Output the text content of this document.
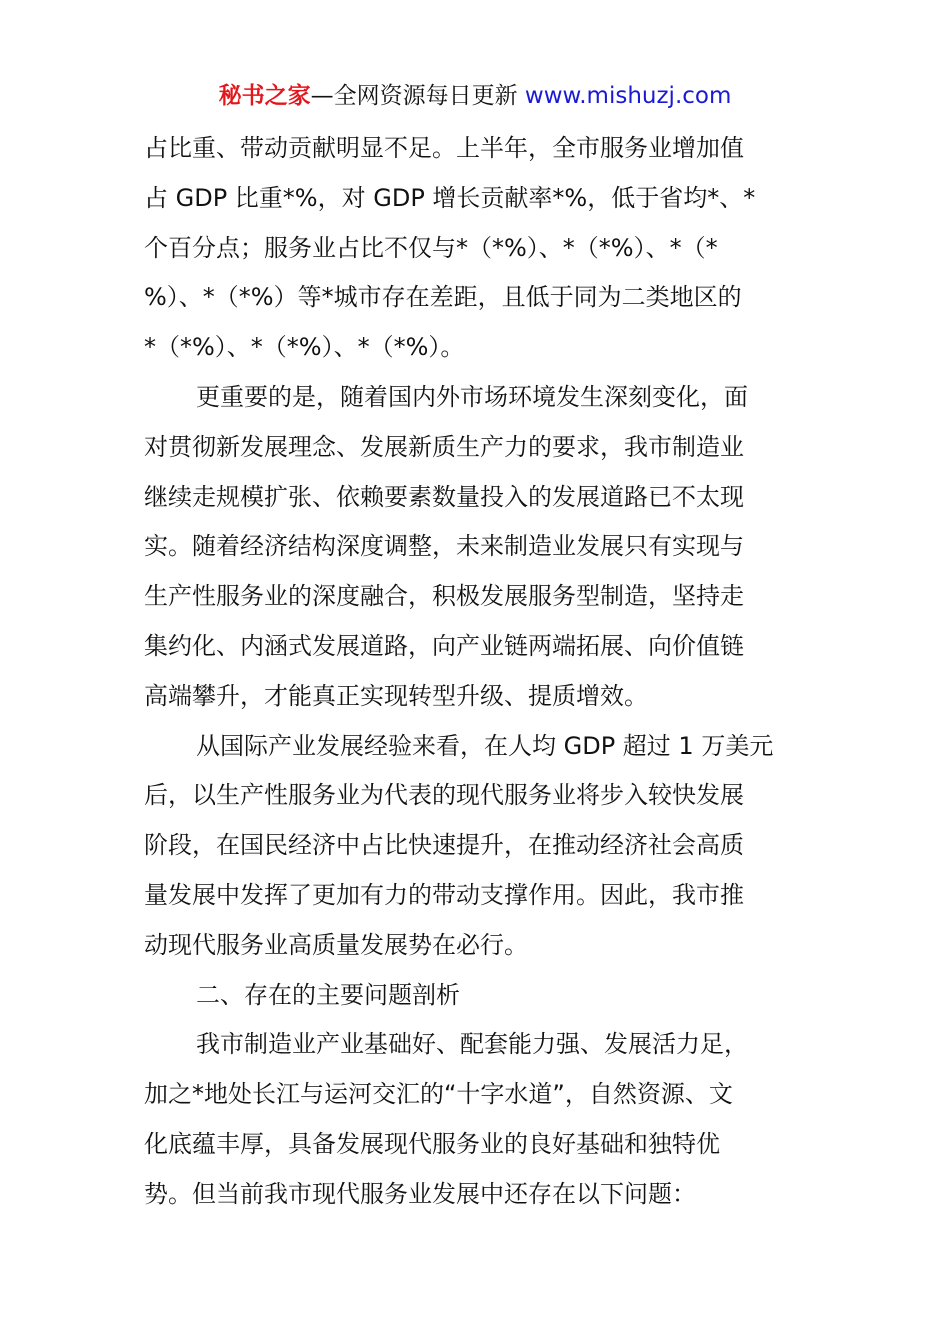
秘书之家—全网资源每日更新 www.mishuzj.com
占比重、带动贡献明显不足。上半年，全市服务业增加值
占 GDP 比重*%，对 GDP 增长贡献率*%，低于省均*、*
个百分点；服务业占比不仅与*（*%）、*（*%）、*（*
%）、*（*%）等*城市存在差距，且低于同为二类地区的
*（*%）、*（*%）、*（*%）。
更重要的是，随着国内外市场环境发生深刻变化，面
对贯彻新发展理念、发展新质生产力的要求，我市制造业
继续走规模扩张、依赖要素数量投入的发展道路已不太现
实。随着经济结构深度调整，未来制造业发展只有实现与
生产性服务业的深度融合，积极发展服务型制造，坚持走
集约化、内涵式发展道路，向产业链两端拓展、向价值链
高端攀升，才能真正实现转型升级、提质增效。
从国际产业发展经验来看，在人均 GDP 超过 1 万美元
后，以生产性服务业为代表的现代服务业将步入较快发展
阶段，在国民经济中占比快速提升，在推动经济社会高质
量发展中发挥了更加有力的带动支撑作用。因此，我市推
动现代服务业高质量发展势在必行。
二、存在的主要问题剖析
我市制造业产业基础好、配套能力强、发展活力足，
加之*地处长江与运河交汇的“十字水道”，自然资源、文
化底蕴丰厚，具备发展现代服务业的良好基础和独特优
势。但当前我市现代服务业发展中还存在以下问题：
